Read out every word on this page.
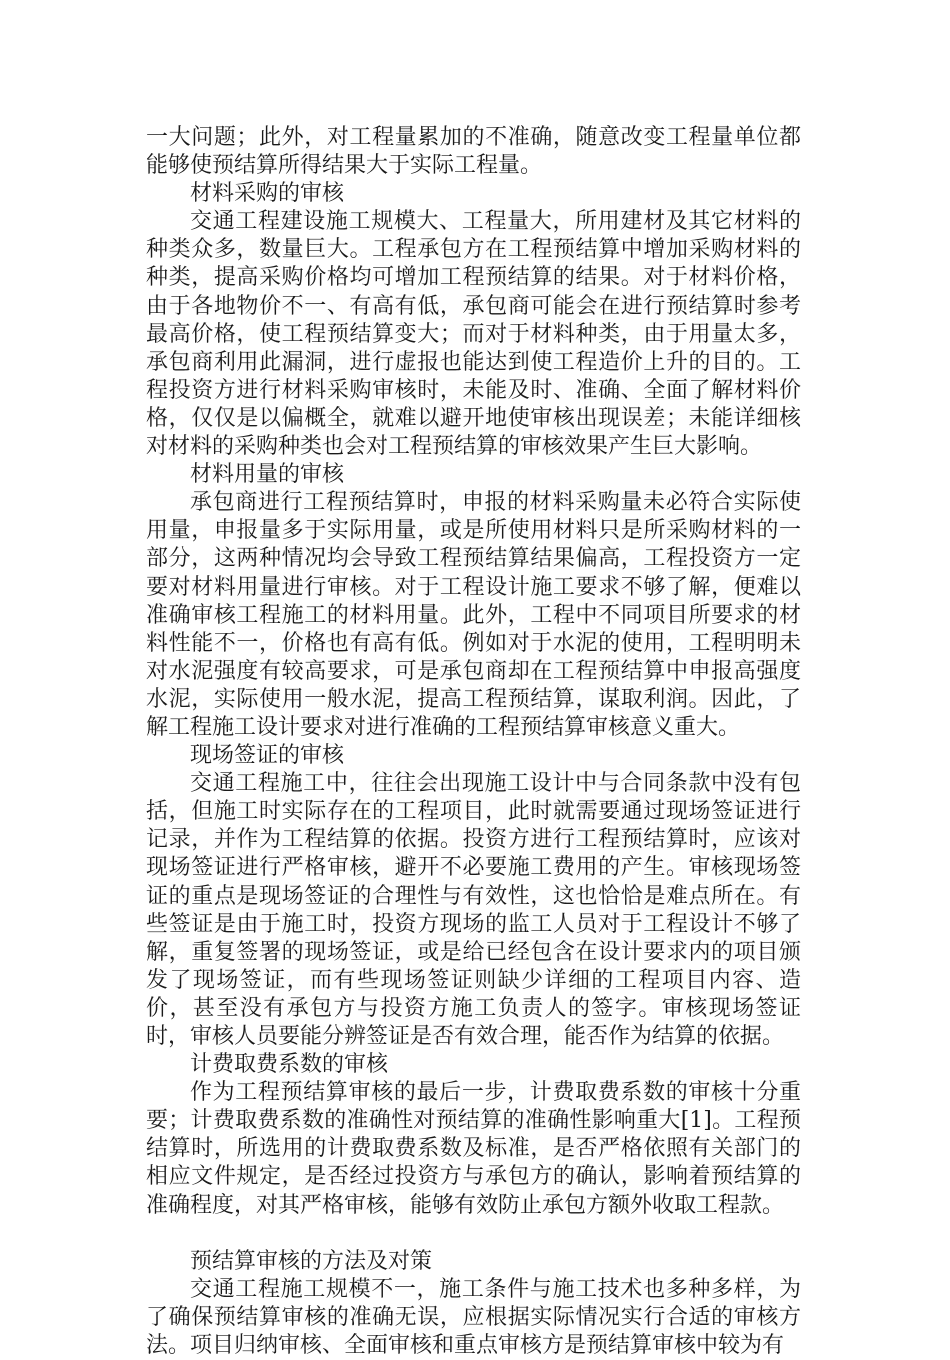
一大问题；此外，对工程量累加的不准确，随意改变工程量单位都能够使预结算所得结果大于实际工程量。

材料采购的审核

交通工程建设施工规模大、工程量大，所用建材及其它材料的种类众多，数量巨大。工程承包方在工程预结算中增加采购材料的种类，提高采购价格均可增加工程预结算的结果。对于材料价格，由于各地物价不一、有高有低，承包商可能会在进行预结算时参考最高价格，使工程预结算变大；而对于材料种类，由于用量太多，承包商利用此漏洞，进行虚报也能达到使工程造价上升的目的。工程投资方进行材料采购审核时，未能及时、准确、全面了解材料价格，仅仅是以偏概全，就难以避开地使审核出现误差；未能详细核对材料的采购种类也会对工程预结算的审核效果产生巨大影响。

材料用量的审核

承包商进行工程预结算时，申报的材料采购量未必符合实际使用量，申报量多于实际用量，或是所使用材料只是所采购材料的一部分，这两种情况均会导致工程预结算结果偏高，工程投资方一定要对材料用量进行审核。对于工程设计施工要求不够了解，便难以准确审核工程施工的材料用量。此外，工程中不同项目所要求的材料性能不一，价格也有高有低。例如对于水泥的使用，工程明明未对水泥强度有较高要求，可是承包商却在工程预结算中申报高强度水泥，实际使用一般水泥，提高工程预结算，谋取利润。因此，了解工程施工设计要求对进行准确的工程预结算审核意义重大。

现场签证的审核

交通工程施工中，往往会出现施工设计中与合同条款中没有包括，但施工时实际存在的工程项目，此时就需要通过现场签证进行记录，并作为工程结算的依据。投资方进行工程预结算时，应该对现场签证进行严格审核，避开不必要施工费用的产生。审核现场签证的重点是现场签证的合理性与有效性，这也恰恰是难点所在。有些签证是由于施工时，投资方现场的监工人员对于工程设计不够了解，重复签署的现场签证，或是给已经包含在设计要求内的项目颁发了现场签证，而有些现场签证则缺少详细的工程项目内容、造价，甚至没有承包方与投资方施工负责人的签字。审核现场签证时，审核人员要能分辨签证是否有效合理，能否作为结算的依据。

计费取费系数的审核

作为工程预结算审核的最后一步，计费取费系数的审核十分重要；计费取费系数的准确性对预结算的准确性影响重大[1]。工程预结算时，所选用的计费取费系数及标准，是否严格依照有关部门的相应文件规定，是否经过投资方与承包方的确认，影响着预结算的准确程度，对其严格审核，能够有效防止承包方额外收取工程款。

预结算审核的方法及对策

交通工程施工规模不一，施工条件与施工技术也多种多样，为了确保预结算审核的准确无误，应根据实际情况实行合适的审核方法。项目归纳审核、全面审核和重点审核方是预结算审核中较为有
